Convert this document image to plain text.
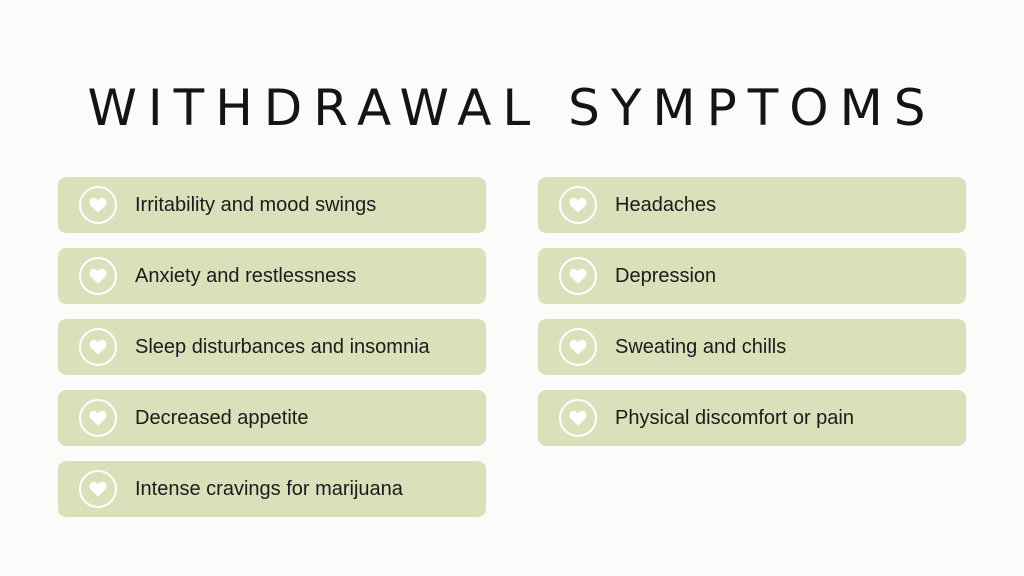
WITHDRAWAL SYMPTOMS
Irritability and mood swings
Anxiety and restlessness
Sleep disturbances and insomnia
Decreased appetite
Intense cravings for marijuana
Headaches
Depression
Sweating and chills
Physical discomfort or pain
